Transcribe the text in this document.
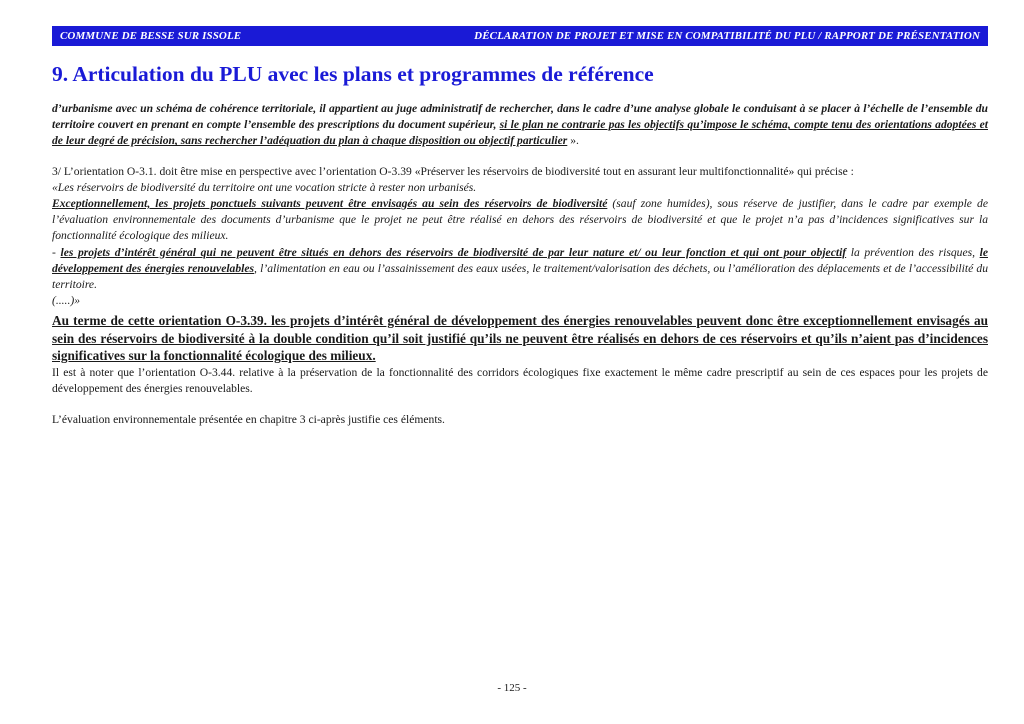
COMMUNE DE BESSE SUR ISSOLE	DÉCLARATION DE PROJET ET MISE EN COMPATIBILITÉ DU PLU / RAPPORT DE PRÉSENTATION
9. Articulation du PLU avec les plans et programmes de référence

d’urbanisme avec un schéma de cohérence territoriale, il appartient au juge administratif de rechercher, dans le cadre d’une analyse globale le conduisant à se placer à l’échelle de l’ensemble du territoire couvert en prenant en compte l’ensemble des prescriptions du document supérieur, si le plan ne contrarie pas les objectifs qu’impose le schéma, compte tenu des orientations adoptées et de leur degré de précision, sans rechercher l’adéquation du plan à chaque disposition ou objectif particulier ».

3/ L’orientation O-3.1. doit être mise en perspective avec l’orientation O-3.39 «Préserver les réservoirs de biodiversité tout en assurant leur multifonctionnalité» qui précise :

«Les réservoirs de biodiversité du territoire ont une vocation stricte à rester non urbanisés.

Exceptionnellement, les projets ponctuels suivants peuvent être envisagés au sein des réservoirs de biodiversité (sauf zone humides), sous réserve de justifier, dans le cadre par exemple de l’évaluation environnementale des documents d’urbanisme que le projet ne peut être réalisé en dehors des réservoirs de biodiversité et que le projet n’a pas d’incidences significatives sur la fonctionnalité écologique des milieux.

- les projets d’intérêt général qui ne peuvent être situés en dehors des réservoirs de biodiversité de par leur nature et/ ou leur fonction et qui ont pour objectif la prévention des risques, le développement des énergies renouvelables, l’alimentation en eau ou l’assainissement des eaux usées, le traitement/valorisation des déchets, ou l’amélioration des déplacements et de l’accessibilité du territoire.

(.....)»

Au terme de cette orientation O-3.39. les projets d’intérêt général de développement des énergies renouvelables peuvent donc être exceptionnellement envisagés au sein des réservoirs de biodiversité à la double condition qu’il soit justifié qu’ils ne peuvent être réalisés en dehors de ces réservoirs et qu’ils n’aient pas d’incidences significatives sur la fonctionnalité écologique des milieux.

Il est à noter que l’orientation O-3.44. relative à la préservation de la fonctionnalité des corridors écologiques fixe exactement le même cadre prescriptif au sein de ces espaces pour les projets de développement des énergies renouvelables.

L’évaluation environnementale présentée en chapitre 3 ci-après justifie ces éléments.

- 125 -
